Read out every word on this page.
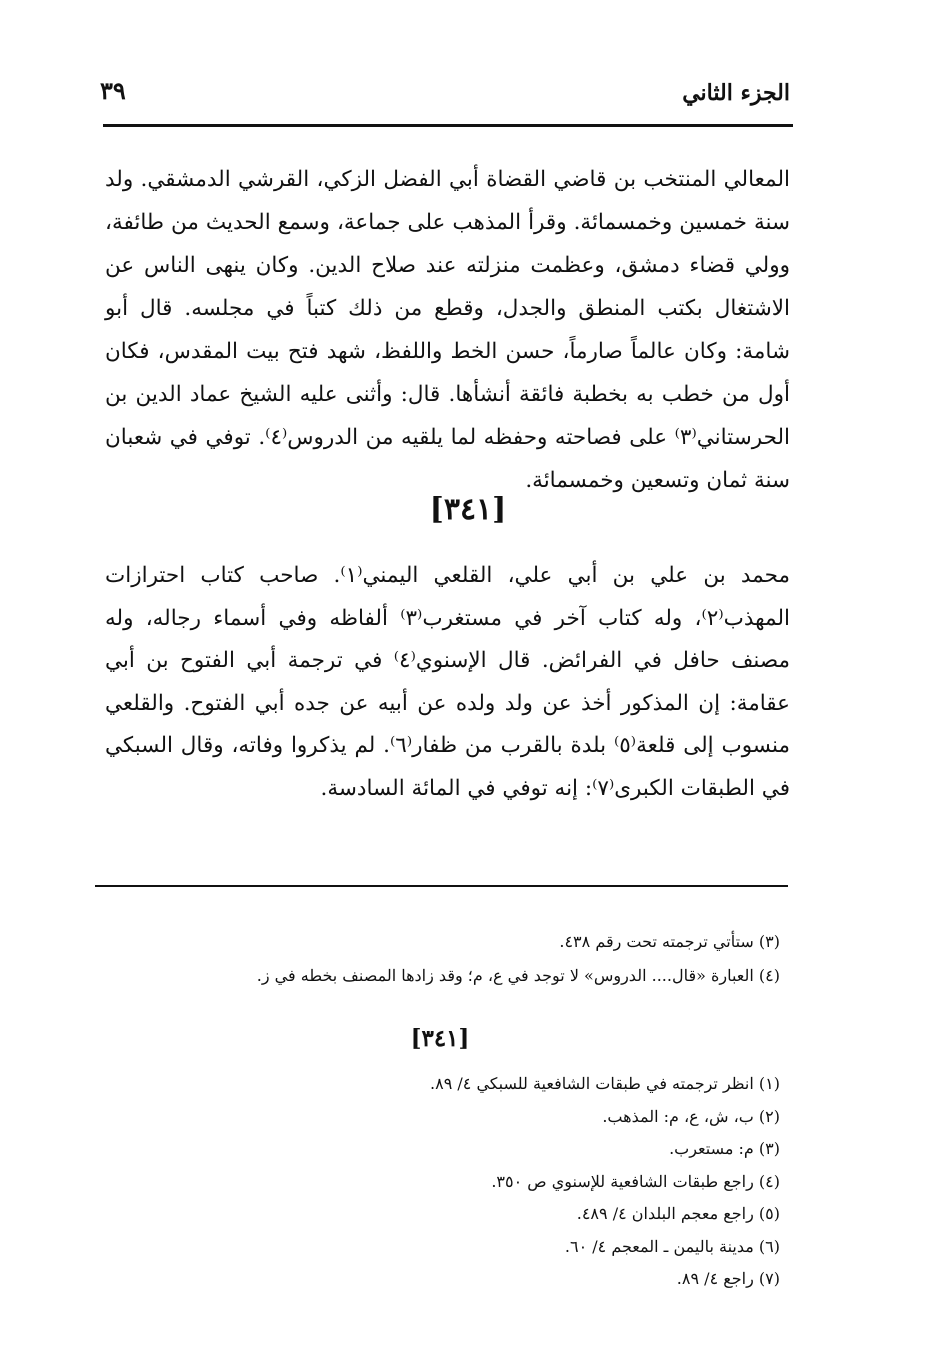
٣٩	الجزء الثاني

المعالي المنتخب بن قاضي القضاة أبي الفضل الزكي، القرشي الدمشقي. ولد سنة خمسين وخمسمائة. وقرأ المذهب على جماعة، وسمع الحديث من طائفة، وولي قضاء دمشق، وعظمت منزلته عند صلاح الدين. وكان ينهى الناس عن الاشتغال بكتب المنطق والجدل، وقطع من ذلك كتباً في مجلسه. قال أبو شامة: وكان عالماً صارماً، حسن الخط واللفظ، شهد فتح بيت المقدس، فكان أول من خطب به بخطبة فائقة أنشأها. قال: وأثنى عليه الشيخ عماد الدين بن الحرستاني⁽٣⁾ على فصاحته وحفظه لما يلقيه من الدروس⁽٤⁾. توفي في شعبان سنة ثمان وتسعين وخمسمائة.

[٣٤١]

محمد بن علي بن أبي علي، القلعي اليمني⁽١⁾. صاحب كتاب احترازات المهذب⁽٢⁾، وله كتاب آخر في مستغرب⁽٣⁾ ألفاظه وفي أسماء رجاله، وله مصنف حافل في الفرائض. قال الإسنوي⁽٤⁾ في ترجمة أبي الفتوح بن أبي عقامة: إن المذكور أخذ عن ولد ولده عن أبيه عن جده أبي الفتوح. والقلعي منسوب إلى قلعة⁽٥⁾ بلدة بالقرب من ظفار⁽٦⁾. لم يذكروا وفاته، وقال السبكي في الطبقات الكبرى⁽٧⁾: إنه توفي في المائة السادسة.

(٣) ستأتي ترجمته تحت رقم ٤٣٨.

(٤) العبارة «قال.... الدروس» لا توجد في ع، م؛ وقد زادها المصنف بخطه في ز.

[٣٤١]

(١) انظر ترجمته في طبقات الشافعية للسبكي ٤/ ٨٩.

(٢) ب، ش، ع، م: المذهب.

(٣) م: مستعرب.

(٤) راجع طبقات الشافعية للإسنوي ص ٣٥٠.

(٥) راجع معجم البلدان ٤/ ٤٨٩.

(٦) مدينة باليمن ـ المعجم ٤/ ٦٠.

(٧) راجع ٤/ ٨٩.
